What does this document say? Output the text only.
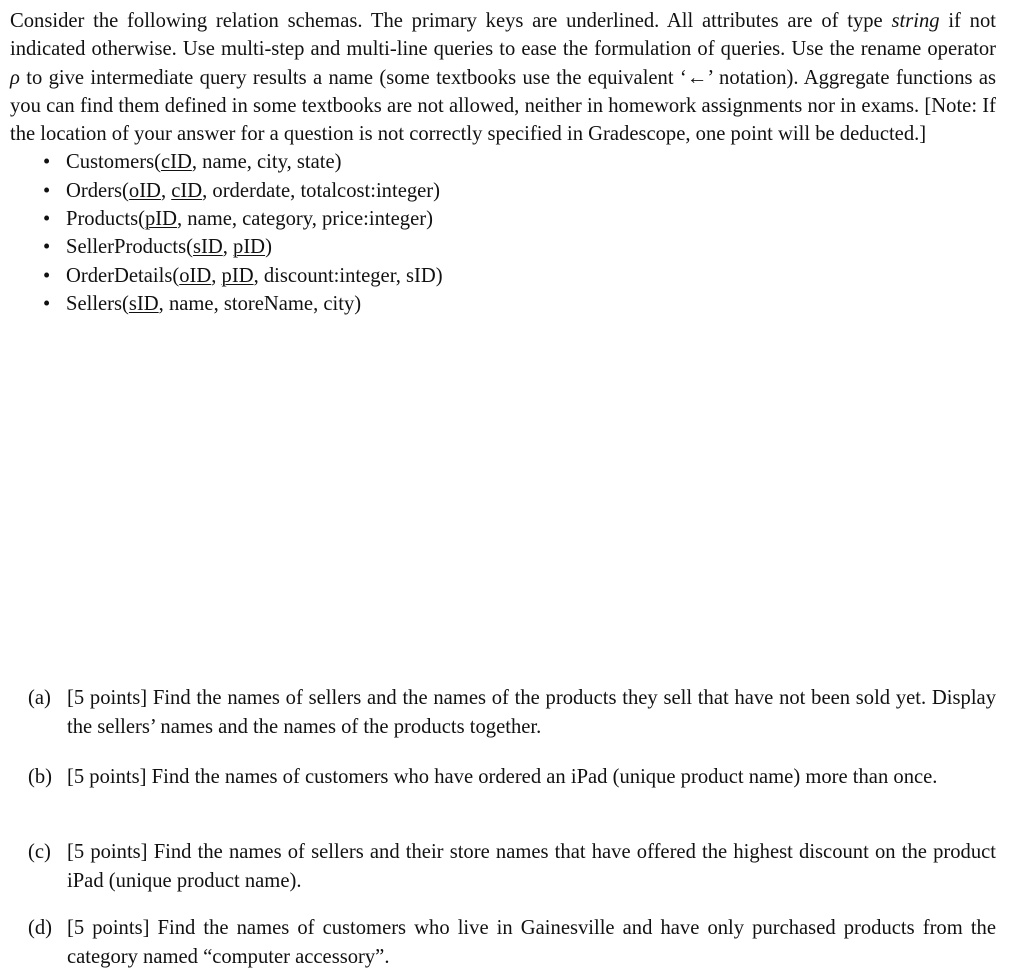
Consider the following relation schemas. The primary keys are underlined. All attributes are of type string if not indicated otherwise. Use multi-step and multi-line queries to ease the formulation of queries. Use the rename operator ρ to give intermediate query results a name (some textbooks use the equivalent ‘←’ notation). Aggregate functions as you can find them defined in some textbooks are not allowed, neither in homework assignments nor in exams. [Note: If the location of your answer for a question is not correctly specified in Gradescope, one point will be deducted.]

• Customers(cID, name, city, state)
• Orders(oID, cID, orderdate, totalcost:integer)
• Products(pID, name, category, price:integer)
• SellerProducts(sID, pID)
• OrderDetails(oID, pID, discount:integer, sID)
• Sellers(sID, name, storeName, city)
(a) [5 points] Find the names of sellers and the names of the products they sell that have not been sold yet. Display the sellers’ names and the names of the products together.
(b) [5 points] Find the names of customers who have ordered an iPad (unique product name) more than once.
(c) [5 points] Find the names of sellers and their store names that have offered the highest discount on the product iPad (unique product name).
(d) [5 points] Find the names of customers who live in Gainesville and have only purchased products from the category named “computer accessory”.
